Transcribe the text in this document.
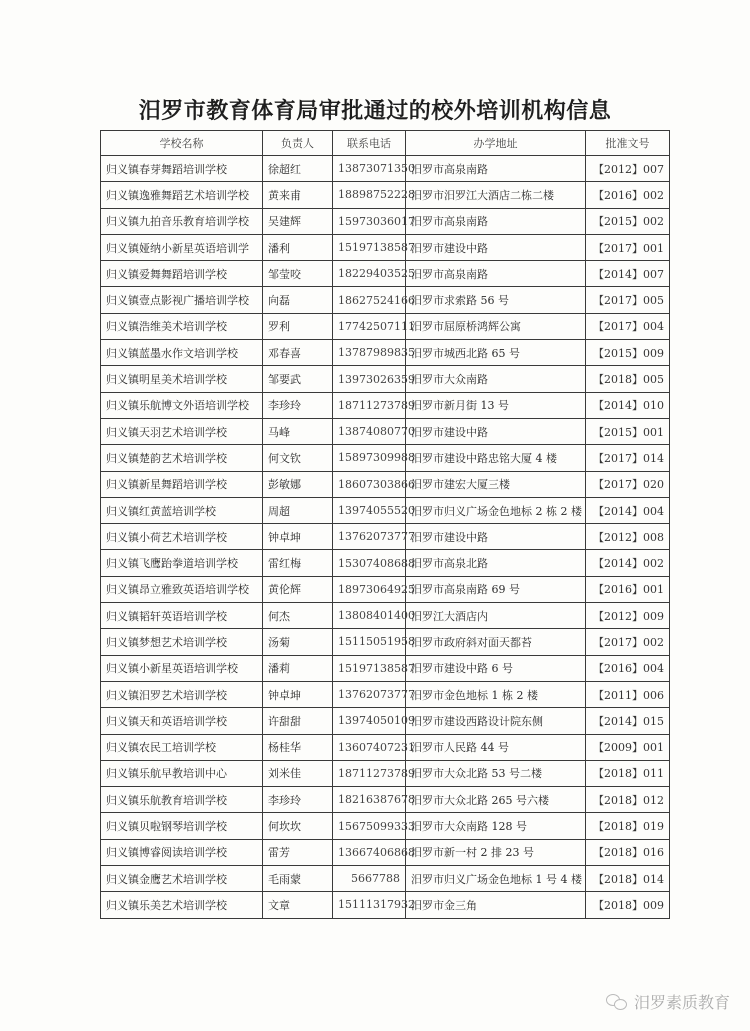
汨罗市教育体育局审批通过的校外培训机构信息
学校名称	负责人	联系电话	办学地址	批准文号
归义镇春芽舞蹈培训学校	徐超红	13873071350	汨罗市高泉南路	【2012】007
归义镇逸雅舞蹈艺术培训学校	黄来甫	18898752228	汨罗市汨罗江大酒店二栋二楼	【2016】002
归义镇九拍音乐教育培训学校	吴建辉	15973036017	汨罗市高泉南路	【2015】002
归义镇娅纳小新星英语培训学	潘利	15197138587	汨罗市建设中路	【2017】001
归义镇爱舞舞蹈培训学校	邹莹咬	18229403525	汨罗市高泉南路	【2014】007
归义镇壹点影视广播培训学校	向磊	18627524166	汨罗市求索路 56 号	【2017】005
归义镇浩维美术培训学校	罗利	17742507111	汨罗市屈原桥鸿辉公寓	【2017】004
归义镇蓝墨水作文培训学校	邓春喜	13787989835	汨罗市城西北路 65 号	【2015】009
归义镇明星美术培训学校	邹要武	13973026359	汨罗市大众南路	【2018】005
归义镇乐航博文外语培训学校	李珍玲	18711273789	汨罗市新月街 13 号	【2014】010
归义镇天羽艺术培训学校	马峰	13874080770	汨罗市建设中路	【2015】001
归义镇楚韵艺术培训学校	何文钦	15897309988	汨罗市建设中路忠铭大厦 4 楼	【2017】014
归义镇新星舞蹈培训学校	彭敏娜	18607303866	汨罗市建宏大厦三楼	【2017】020
归义镇红黄蓝培训学校	周超	13974055520	汨罗市归义广场金色地标 2 栋 2 楼	【2014】004
归义镇小荷艺术培训学校	钟卓坤	13762073777	汨罗市建设中路	【2012】008
归义镇飞鹰跆拳道培训学校	雷红梅	15307408688	汨罗市高泉北路	【2014】002
归义镇昂立雅致英语培训学校	黄伦辉	18973064925	汨罗市高泉南路 69 号	【2016】001
归义镇韬轩英语培训学校	何杰	13808401400	汨罗江大酒店内	【2012】009
归义镇梦想艺术培训学校	汤菊	15115051958	汨罗市政府斜对面天都苔	【2017】002
归义镇小新星英语培训学校	潘莉	15197138587	汨罗市建设中路 6 号	【2016】004
归义镇汨罗艺术培训学校	钟卓坤	13762073777	汨罗市金色地标 1 栋 2 楼	【2011】006
归义镇天和英语培训学校	许甜甜	13974050109	汨罗市建设西路设计院东侧	【2014】015
归义镇农民工培训学校	杨桂华	13607407231	汨罗市人民路 44 号	【2009】001
归义镇乐航早教培训中心	刘米佳	18711273789	汨罗市大众北路 53 号二楼	【2018】011
归义镇乐航教育培训学校	李珍玲	18216387678	汨罗市大众北路 265 号六楼	【2018】012
归义镇贝啦钢琴培训学校	何坎坎	15675099333	汨罗市大众南路 128 号	【2018】019
归义镇博睿阅读培训学校	雷芳	13667406868	汨罗市新一村 2 排 23 号	【2018】016
归义镇金鹰艺术培训学校	毛雨蒙	5667788	汨罗市归义广场金色地标 1 号 4 楼	【2018】014
归义镇乐美艺术培训学校	文章	15111317932	汨罗市金三角	【2018】009
汨罗素质教育
